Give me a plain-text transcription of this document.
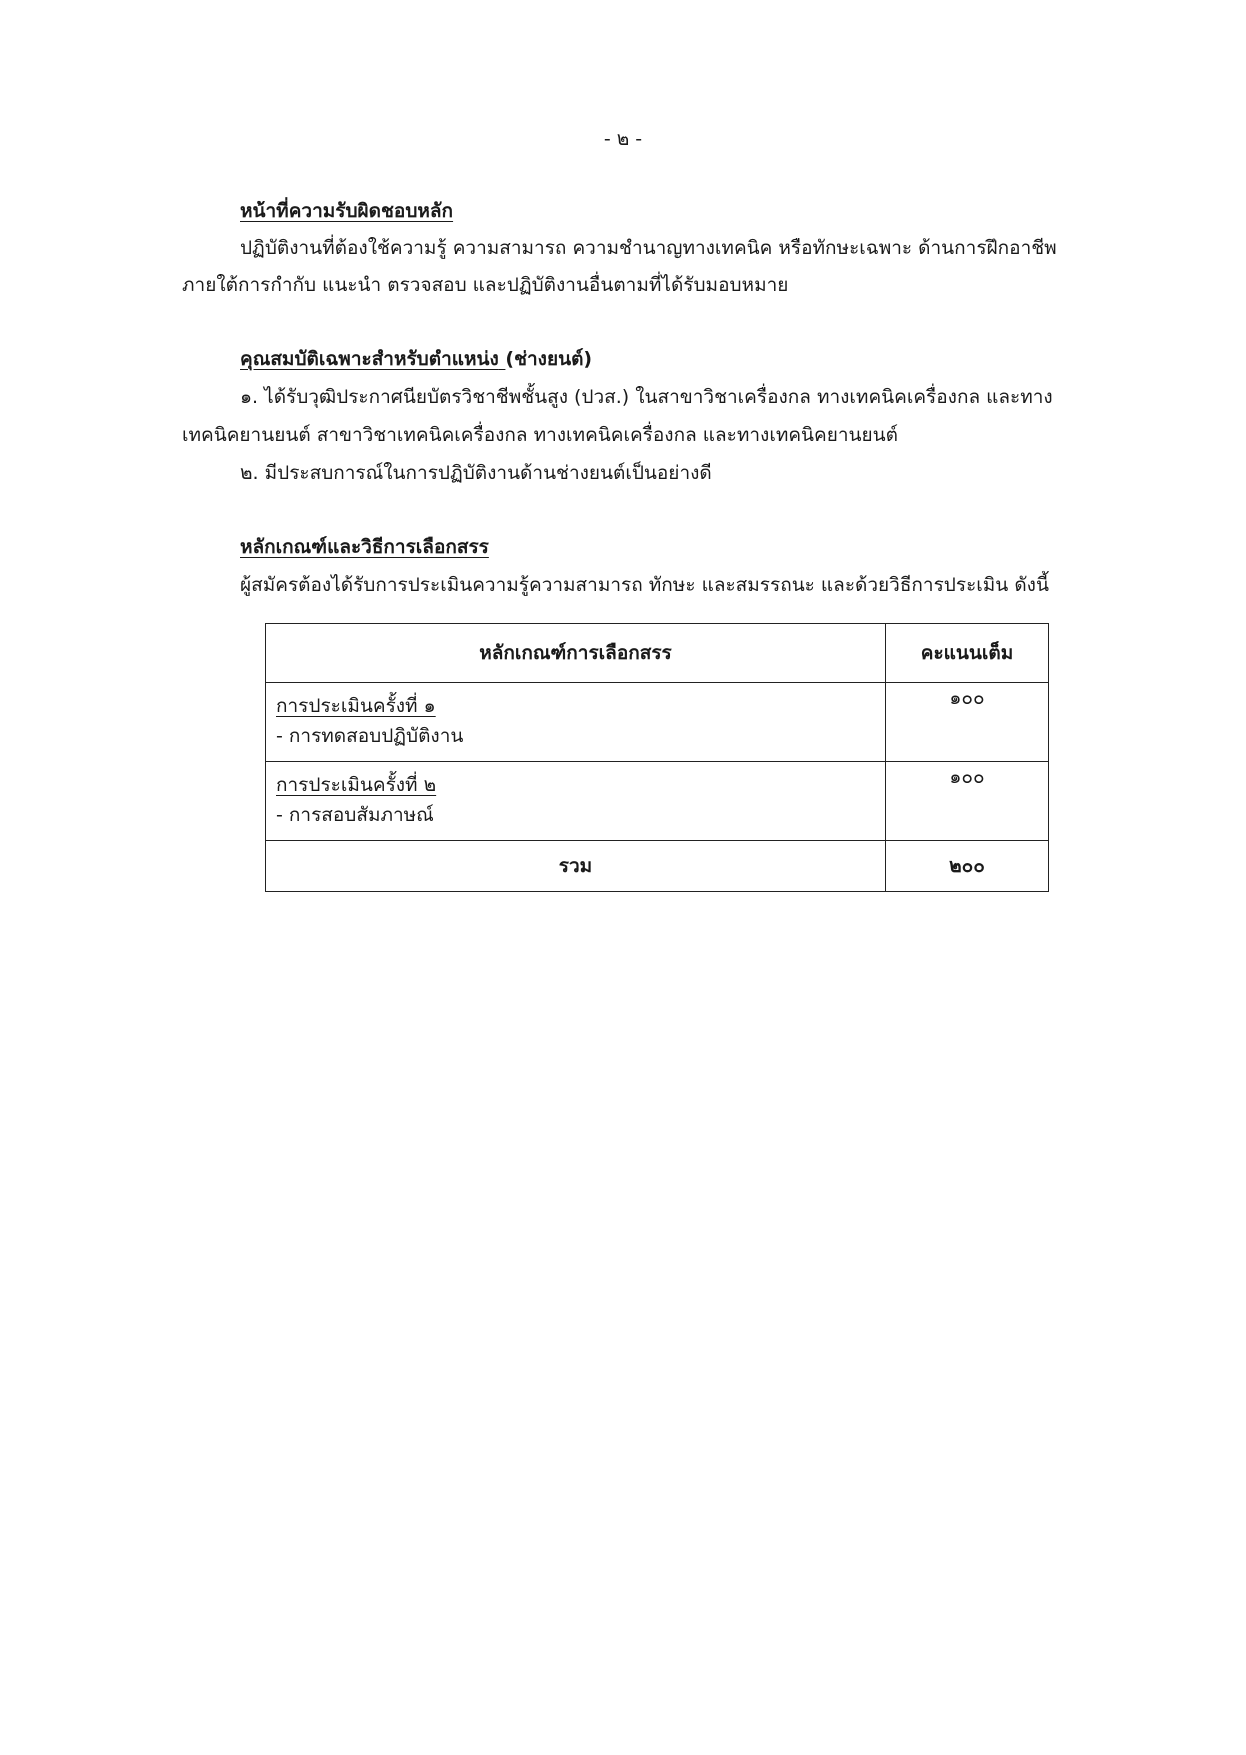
- ๒ -
หน้าที่ความรับผิดชอบหลัก
ปฏิบัติงานที่ต้องใช้ความรู้ ความสามารถ ความชำนาญทางเทคนิค หรือทักษะเฉพาะ ด้านการฝึกอาชีพ
ภายใต้การกำกับ แนะนำ ตรวจสอบ และปฏิบัติงานอื่นตามที่ได้รับมอบหมาย
คุณสมบัติเฉพาะสำหรับตำแหน่ง (ช่างยนต์)
๑. ได้รับวุฒิประกาศนียบัตรวิชาชีพชั้นสูง (ปวส.) ในสาขาวิชาเครื่องกล ทางเทคนิคเครื่องกล และทาง
เทคนิคยานยนต์ สาขาวิชาเทคนิคเครื่องกล ทางเทคนิคเครื่องกล และทางเทคนิคยานยนต์
๒. มีประสบการณ์ในการปฏิบัติงานด้านช่างยนต์เป็นอย่างดี
หลักเกณฑ์และวิธีการเลือกสรร
ผู้สมัครต้องได้รับการประเมินความรู้ความสามารถ ทักษะ และสมรรถนะ และด้วยวิธีการประเมิน ดังนี้
หลักเกณฑ์การเลือกสรร	คะแนนเต็ม

การประเมินครั้งที่ ๑
- การทดสอบปฏิบัติงาน	๑๐๐

การประเมินครั้งที่ ๒
- การสอบสัมภาษณ์	๑๐๐
รวม	๒๐๐
